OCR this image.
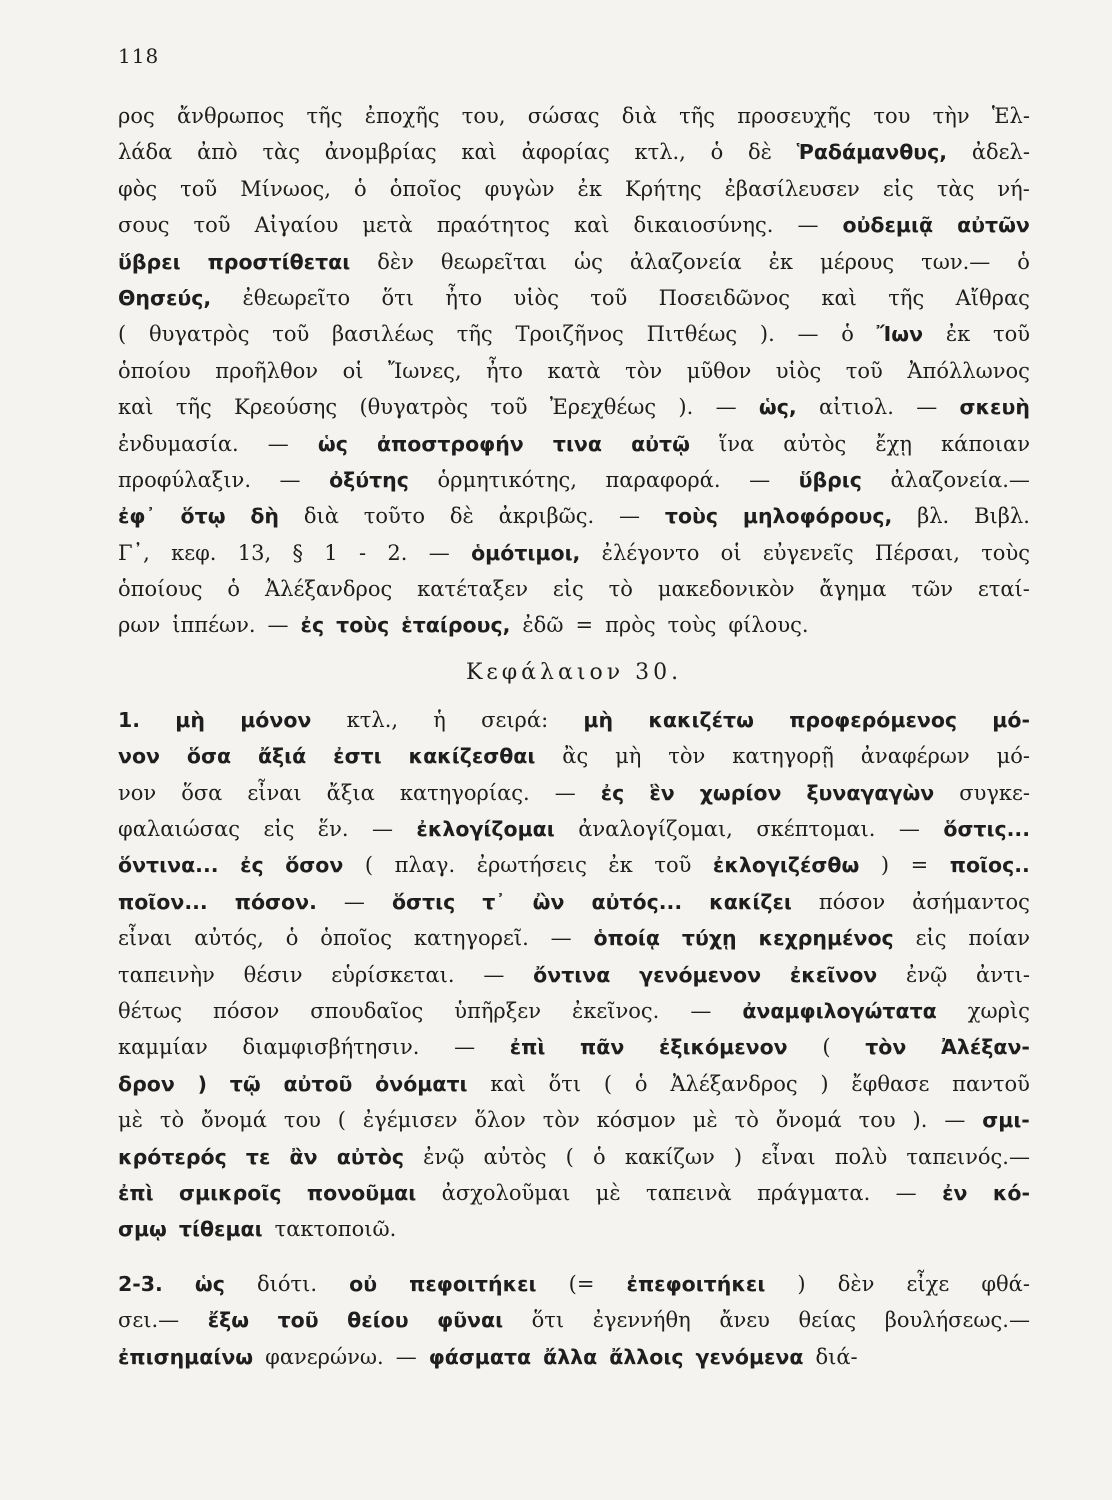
118
ρος ἄνθρωπος τῆς ἐποχῆς του, σώσας διὰ τῆς προσευχῆς του τὴν Ἑλ-
λάδα ἀπὸ τὰς ἀνομβρίας καὶ ἀφορίας κτλ., ὁ δὲ Ῥαδάμανθυς, ἀδελ-
φὸς τοῦ Μίνωος, ὁ ὁποῖος φυγὼν ἐκ Κρήτης ἐβασίλευσεν εἰς τὰς νή-
σους τοῦ Αἰγαίου μετὰ πραότητος καὶ δικαιοσύνης. — οὐδεμιᾷ αὐτῶν
ὕβρει προστίθεται δὲν θεωρεῖται ὡς ἀλαζονεία ἐκ μέρους των.— ὁ
Θησεύς, ἐθεωρεῖτο ὅτι ἦτο υἱὸς τοῦ Ποσειδῶνος καὶ τῆς Αἴθρας
( θυγατρὸς τοῦ βασιλέως τῆς Τροιζῆνος Πιτθέως ). — ὁ Ἴων ἐκ τοῦ
ὁποίου προῆλθον οἱ Ἴωνες, ἦτο κατὰ τὸν μῦθον υἱὸς τοῦ Ἀπόλλωνος
καὶ τῆς Κρεούσης (θυγατρὸς τοῦ Ἐρεχθέως ). — ὡς, αἰτιολ. — σκευὴ
ἐνδυμασία. — ὡς ἀποστροφήν τινα αὐτῷ ἵνα αὐτὸς ἔχῃ κάποιαν
προφύλαξιν. — ὀξύτης ὁρμητικότης, παραφορά. — ὕβρις ἀλαζονεία.—
ἐφ᾽ ὅτῳ δὴ διὰ τοῦτο δὲ ἀκριβῶς. — τοὺς μηλοφόρους, βλ. Βιβλ.
Γ᾽, κεφ. 13, § 1 - 2. — ὁμότιμοι, ἐλέγοντο οἱ εὐγενεῖς Πέρσαι, τοὺς
ὁποίους ὁ Ἀλέξανδρος κατέταξεν εἰς τὸ μακεδονικὸν ἄγημα τῶν εταί-
ρων ἱππέων. — ἐς τοὺς ἑταίρους, ἐδῶ = πρὸς τοὺς φίλους.
Κεφάλαιον 30.
1. μὴ μόνον κτλ., ἡ σειρά: μὴ κακιζέτω προφερόμενος μό-
νον ὅσα ἄξιά ἐστι κακίζεσθαι ἂς μὴ τὸν κατηγορῇ ἀναφέρων μό-
νον ὅσα εἶναι ἄξια κατηγορίας. — ἐς ἓν χωρίον ξυναγαγὼν συγκε-
φαλαιώσας εἰς ἕν. — ἐκλογίζομαι ἀναλογίζομαι, σκέπτομαι. — ὅστις...
ὅντινα... ἐς ὅσον ( πλαγ. ἐρωτήσεις ἐκ τοῦ ἐκλογιζέσθω ) = ποῖος..
ποῖον... πόσον. — ὅστις τ᾽ ὢν αὐτός... κακίζει πόσον ἀσήμαντος
εἶναι αὐτός, ὁ ὁποῖος κατηγορεῖ. — ὁποίᾳ τύχῃ κεχρημένος εἰς ποίαν
ταπεινὴν θέσιν εὑρίσκεται. — ὄντινα γενόμενον ἐκεῖνον ἐνῷ ἀντι-
θέτως πόσον σπουδαῖος ὑπῆρξεν ἐκεῖνος. — ἀναμφιλογώτατα χωρὶς
καμμίαν διαμφισβήτησιν. — ἐπὶ πᾶν ἐξικόμενον ( τὸν Ἀλέξαν-
δρον ) τῷ αὐτοῦ ὀνόματι καὶ ὅτι ( ὁ Ἀλέξανδρος ) ἔφθασε παντοῦ
μὲ τὸ ὄνομά του ( ἐγέμισεν ὅλον τὸν κόσμον μὲ τὸ ὄνομά του ). — σμι-
κρότερός τε ἂν αὐτὸς ἐνῷ αὐτὸς ( ὁ κακίζων ) εἶναι πολὺ ταπεινός.—
ἐπὶ σμικροῖς πονοῦμαι ἀσχολοῦμαι μὲ ταπεινὰ πράγματα. — ἐν κό-
σμῳ τίθεμαι τακτοποιῶ.
2-3. ὡς διότι. οὐ πεφοιτήκει (= ἐπεφοιτήκει ) δὲν εἶχε φθά-
σει.— ἔξω τοῦ θείου φῦναι ὅτι ἐγεννήθη ἄνευ θείας βουλήσεως.—
ἐπισημαίνω φανερώνω. — φάσματα ἄλλα ἄλλοις γενόμενα διά-
